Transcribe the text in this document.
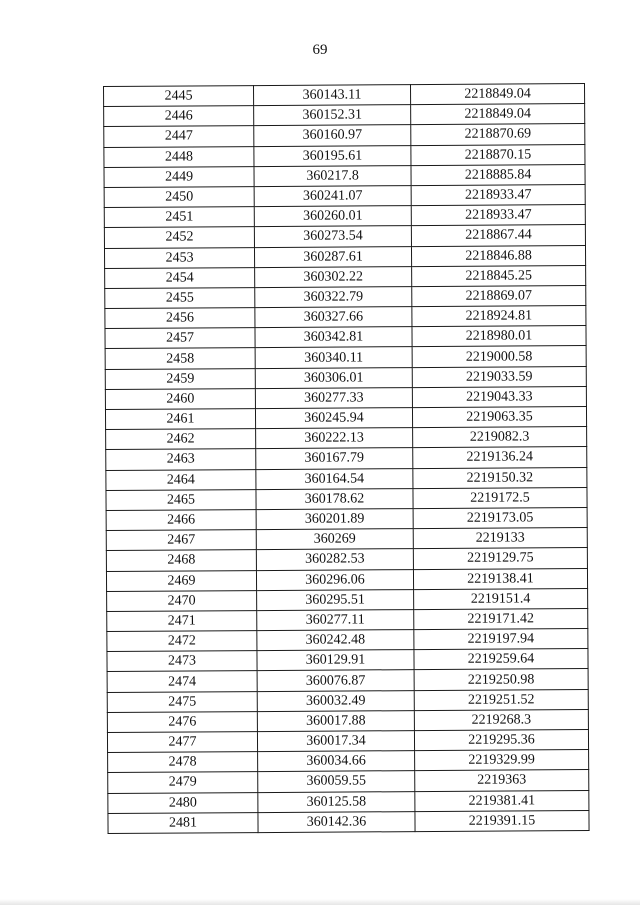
69
2445	360143.11	2218849.04
2446	360152.31	2218849.04
2447	360160.97	2218870.69
2448	360195.61	2218870.15
2449	360217.8	2218885.84
2450	360241.07	2218933.47
2451	360260.01	2218933.47
2452	360273.54	2218867.44
2453	360287.61	2218846.88
2454	360302.22	2218845.25
2455	360322.79	2218869.07
2456	360327.66	2218924.81
2457	360342.81	2218980.01
2458	360340.11	2219000.58
2459	360306.01	2219033.59
2460	360277.33	2219043.33
2461	360245.94	2219063.35
2462	360222.13	2219082.3
2463	360167.79	2219136.24
2464	360164.54	2219150.32
2465	360178.62	2219172.5
2466	360201.89	2219173.05
2467	360269	2219133
2468	360282.53	2219129.75
2469	360296.06	2219138.41
2470	360295.51	2219151.4
2471	360277.11	2219171.42
2472	360242.48	2219197.94
2473	360129.91	2219259.64
2474	360076.87	2219250.98
2475	360032.49	2219251.52
2476	360017.88	2219268.3
2477	360017.34	2219295.36
2478	360034.66	2219329.99
2479	360059.55	2219363
2480	360125.58	2219381.41
2481	360142.36	2219391.15
